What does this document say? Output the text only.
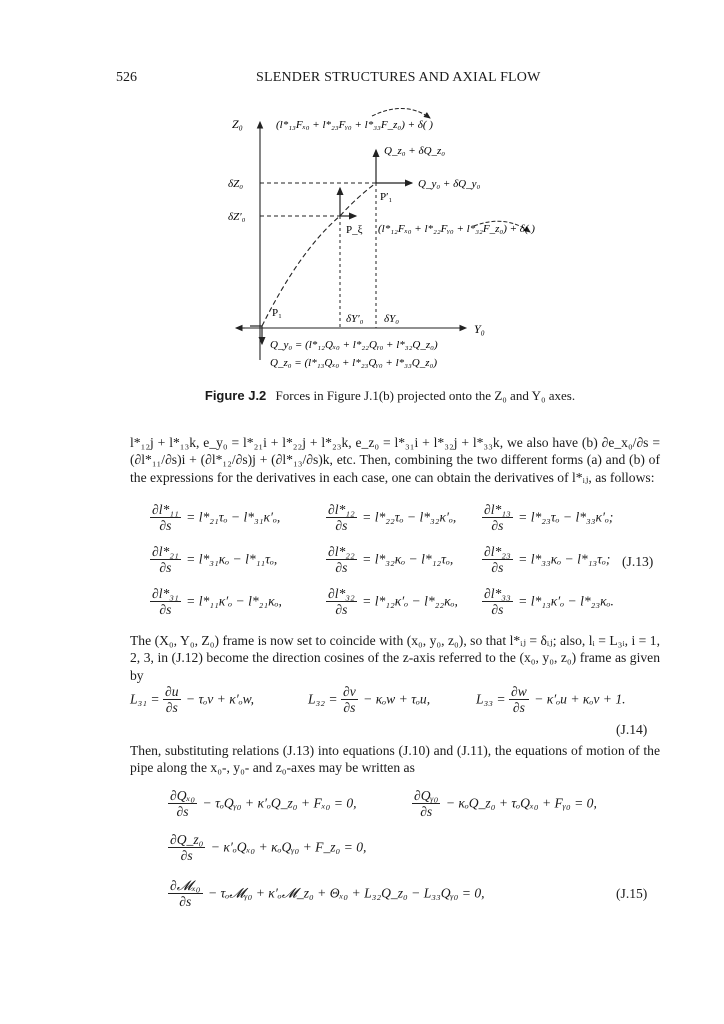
526	SLENDER STRUCTURES AND AXIAL FLOW
Z₀
Y₀
(l*₁₃Fₓ₀ + l*₂₃Fᵧ₀ + l*₃₃F_z₀) + δ( )
Q_z₀ + δQ_z₀
Q_y₀ + δQ_y₀
δZ₀
δZ′₀
P′₁
P_ξ (l*₁₂Fₓ₀ + l*₂₂Fᵧ₀ + l*₃₂F_z₀) + δ( )
P₁	δY′₀ δY₀
Q_y₀ = (l*₁₂Qₓ₀ + l*₂₂Qᵧ₀ + l*₃₂Q_z₀)
Q_z₀ = (l*₁₃Qₓ₀ + l*₂₃Qᵧ₀ + l*₃₃Q_z₀)
Figure J.2 Forces in Figure J.1(b) projected onto the Z₀ and Y₀ axes.
l*₁₂j + l*₁₃k, e_y₀ = l*₂₁i + l*₂₂j + l*₂₃k, e_z₀ = l*₃₁i + l*₃₂j + l*₃₃k, we also have (b) ∂e_x₀/∂s = (∂l*₁₁/∂s)i + (∂l*₁₂/∂s)j + (∂l*₁₃/∂s)k, etc. Then, combining the two different forms (a) and (b) of the expressions for the derivatives in each case, one can obtain the derivatives of l*ᵢⱼ, as follows:
$\frac{\text{∂l*₁₁}}{\partial s} = l*_{21}\tau_o - l*_{31}\kappa'_o$,	$\frac{\text{∂l*₁₂}}{\partial s} = l*_{22}\tau_o - l*_{32}\kappa'_o$, $\frac{\text{∂l*₁₃}}{\partial s} = l*_{23}\tau_o - l*_{33}\kappa'_o$;
$\frac{\text{∂l*₂₁}}{\partial s} = l*_{31}\kappa_o - l*_{11}\tau_o$,	$\frac{\text{∂l*₂₂}}{\partial s} = l*_{32}\kappa_o - l*_{12}\tau_o$, $\frac{\text{∂l*₂₃}}{\partial s} = l*_{33}\kappa_o - l*_{13}\tau_o$; (J.13)
$\frac{\text{∂l*₃₁}}{\partial s} = l*_{11}\kappa'_o - l*_{21}\kappa_o$,	$\frac{\text{∂l*₃₂}}{\partial s} = l*_{12}\kappa'_o - l*_{22}\kappa_o$, $\frac{\text{∂l*₃₃}}{\partial s} = l*_{13}\kappa'_o - l*_{23}\kappa_o$.
The (X₀, Y₀, Z₀) frame is now set to coincide with (x₀, y₀, z₀), so that l*ᵢⱼ = δᵢⱼ; also, lᵢ = L₃ᵢ, i = 1, 2, 3, in (J.12) become the direction cosines of the z-axis referred to the (x₀, y₀, z₀) frame as given by
$L_{31} = \frac{\partial u}{\partial s} - \tau_ov + \kappa'_ow$,	$L_{32} = \frac{\partial v}{\partial s} - \kappa_ow + \tau_ou$,	$L_{33} = \frac{\partial w}{\partial s} - \kappa'_ou + \kappa_ov + 1$.
(J.14)
Then, substituting relations (J.13) into equations (J.10) and (J.11), the equations of motion of the pipe along the x₀-, y₀- and z₀-axes may be written as
$\frac{\text{∂Qₓ₀}}{\partial s}$ − τₒQᵧ₀ + κ′ₒQ_z₀ + Fₓ₀ = 0,	$\frac{\text{∂Qᵧ₀}}{\partial s}$ − κₒQ_z₀ + τₒQₓ₀ + Fᵧ₀ = 0,
$\frac{\text{∂Q\_z₀}}{\partial s} - \kappa'_oQ_{x0}$ + κₒQᵧ₀ + F_z₀ = 0,
$\frac{\text{∂𝓜ₓ₀}}{\partial s}$ − τₒ𝓜ᵧ₀ + κ′ₒ𝓜_z₀ + Θₓ₀ + L₃₂Q_z₀ − L₃₃Qᵧ₀ = 0,	(J.15)
